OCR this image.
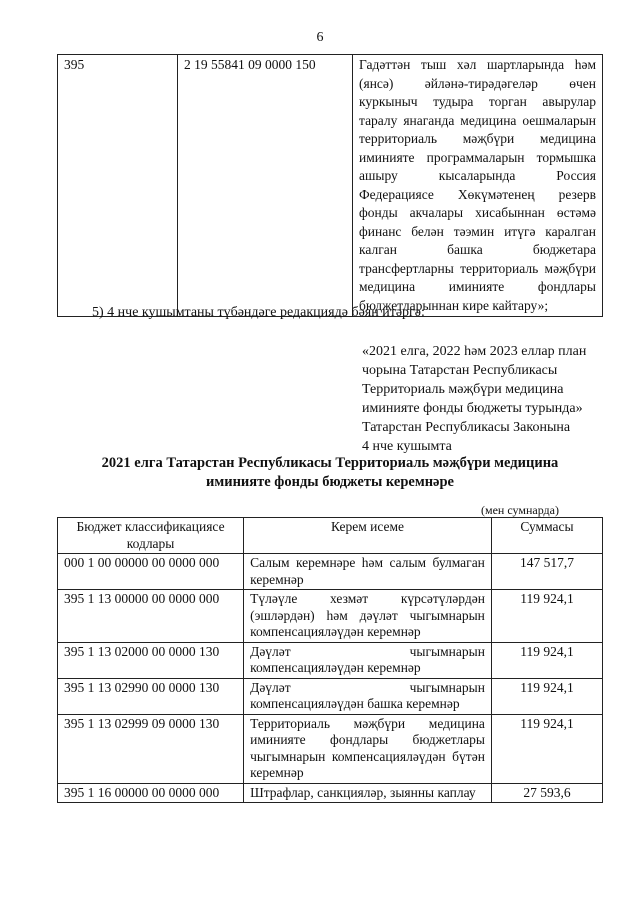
6
395	2 19 55841 09 0000 150	Гадәттән тыш хәл шартларында һәм (янсә) әйләнә-тирәдәгеләр өчен куркыныч тудыра торган авырулар таралу янаганда медицина оешмаларын территориаль мәҗбүри медицина иминияте программаларын тормышка ашыру кысаларында Россия Федерациясе Хөкүмәтенең резерв фонды акчалары хисабыннан өстәмә финанс белән тәэмин итүгә каралган калган башка бюджетара трансфертларны территориаль мәҗбүри медицина иминияте фондлары бюджетларыннан кире кайтару»;
5) 4 нче кушымтаны түбәндәге редакциядә бәян итәргә:
«2021 елга, 2022 һәм 2023 еллар план
чорына Татарстан Республикасы
Территориаль мәҗбүри медицина
иминияте фонды бюджеты турында»
Татарстан Республикасы Законына
4 нче кушымта
2021 елга Татарстан Республикасы Территориаль мәҗбүри медицина
иминияте фонды бюджеты керемнәре
(мен сумнарда)
Бюджет классификациясе кодлары	Керем исеме	Суммасы
000 1 00 00000 00 0000 000	Салым керемнәре һәм салым булмаган керемнәр	147 517,7
395 1 13 00000 00 0000 000	Түләүле хезмәт күрсәтүләрдән (эшләрдән) һәм дәүләт чыгымнарын компенсацияләүдән керемнәр	119 924,1
395 1 13 02000 00 0000 130	Дәүләт чыгымнарын компенсацияләүдән керемнәр	119 924,1
395 1 13 02990 00 0000 130	Дәүләт чыгымнарын компенсацияләүдән башка керемнәр	119 924,1
395 1 13 02999 09 0000 130	Территориаль мәҗбүри медицина иминияте фондлары бюджетлары чыгымнарын компенсацияләүдән бүтән керемнәр	119 924,1
395 1 16 00000 00 0000 000	Штрафлар, санкцияләр, зыянны каплау	27 593,6
